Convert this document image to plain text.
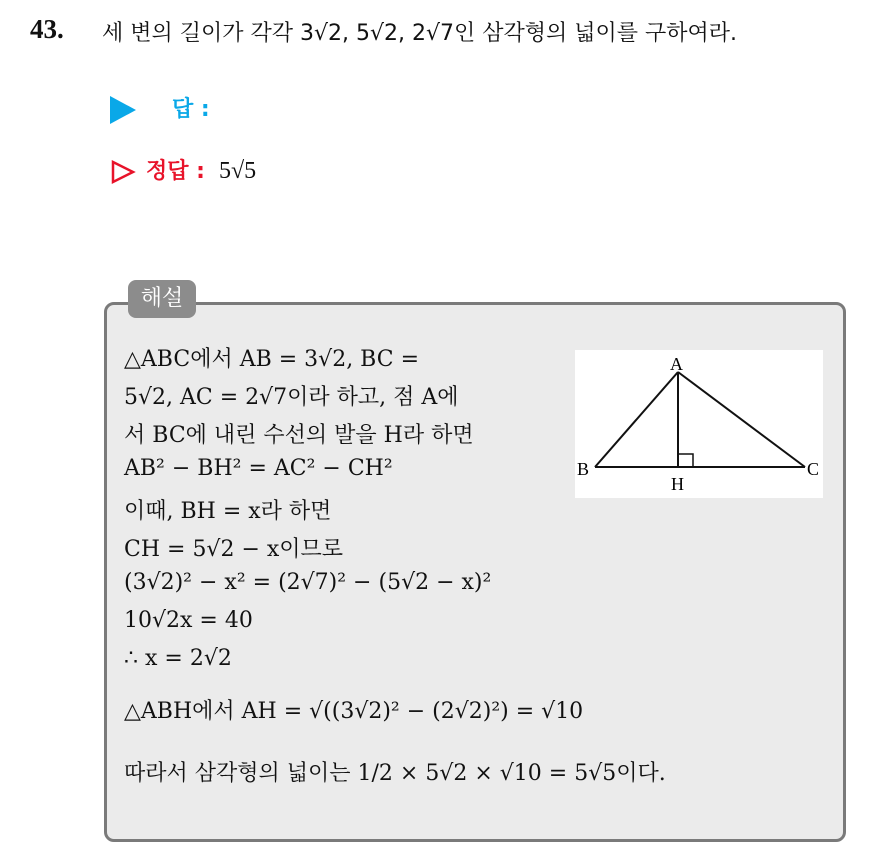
43. 세 변의 길이가 각각 3√2, 5√2, 2√7인 삼각형의 넓이를 구하여라.
답 :
정답 : 5√5
해설
△ABC에서 AB = 3√2, BC =
5√2, AC = 2√7이라 하고, 점 A에
서 BC에 내린 수선의 발을 H라 하면
AB² − BH² = AC² − CH²
이때, BH = x라 하면
CH = 5√2 − x이므로
(3√2)² − x² = (2√7)² − (5√2 − x)²
10√2x = 40
∴ x = 2√2
△ABH에서 AH = √((3√2)² − (2√2)²) = √10
따라서 삼각형의 넓이는 1/2 × 5√2 × √10 = 5√5이다.
A
B	C
H
